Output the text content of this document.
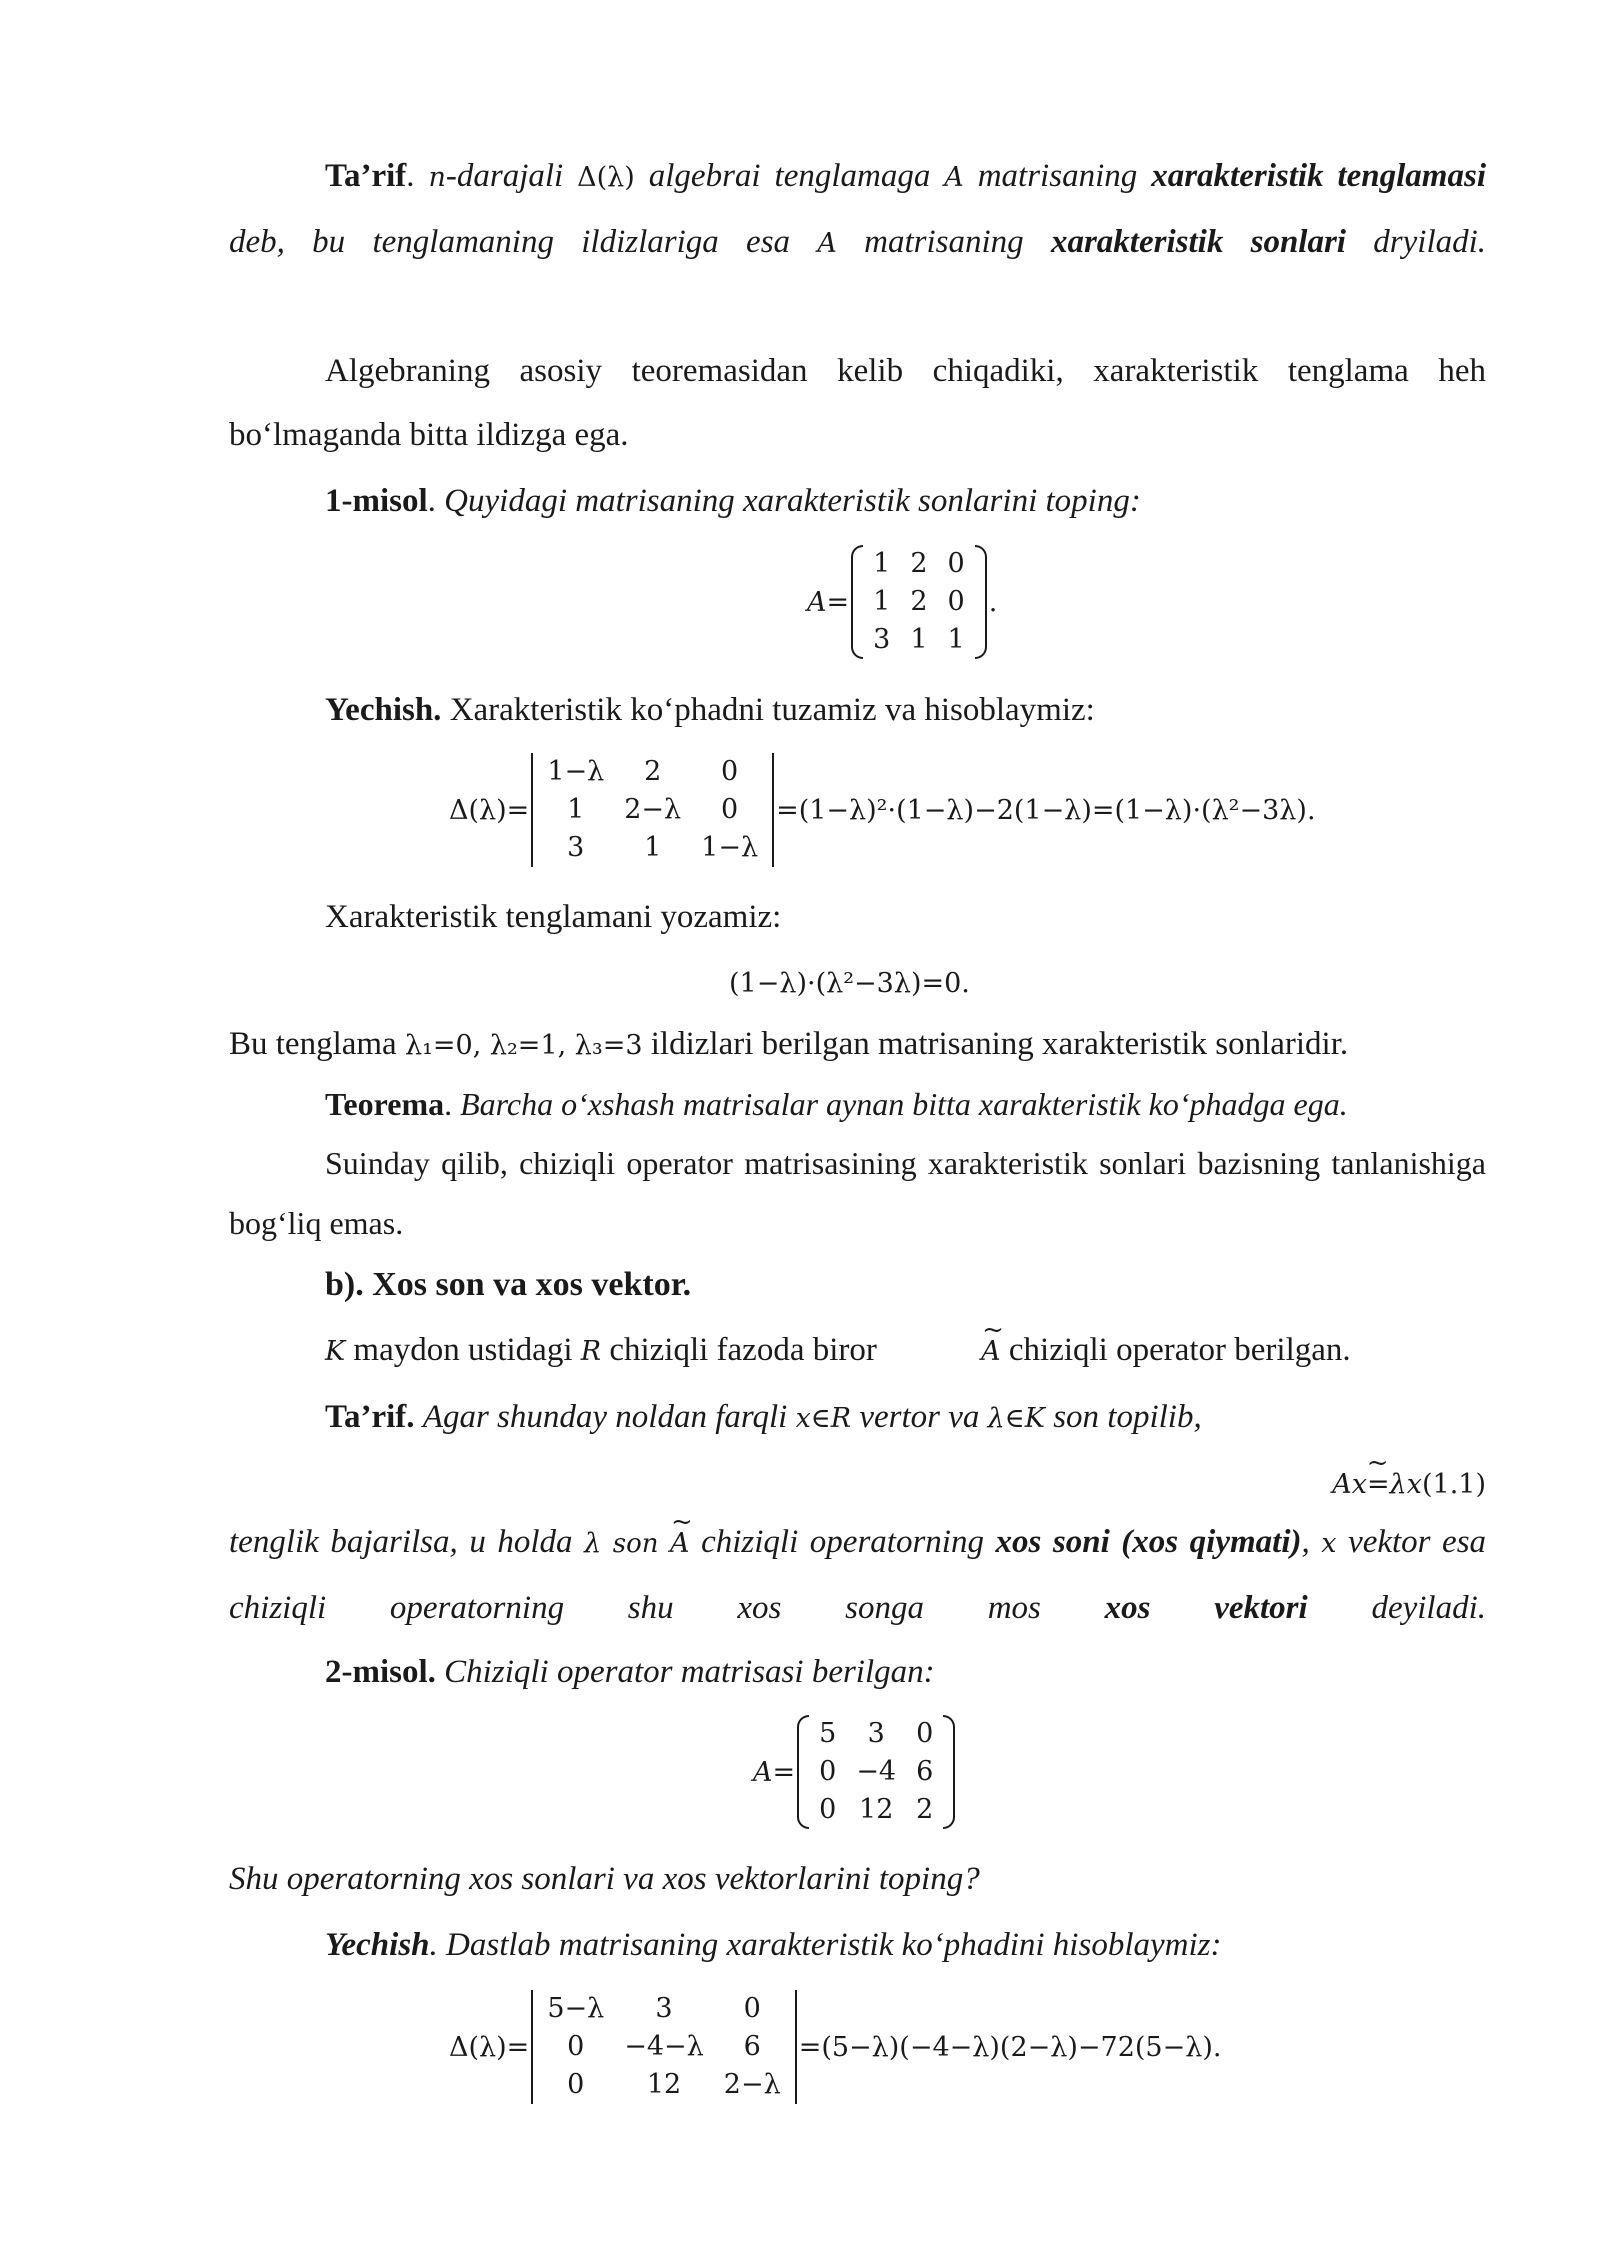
Ta’rif. n-darajali Δ(λ) algebrai tenglamaga A matrisaning xarakteristik tenglamasi deb, bu tenglamaning ildizlariga esa A matrisaning xarakteristik sonlari dryiladi.

Algebraning asosiy teoremasidan kelib chiqadiki, xarakteristik tenglama heh bo‘lmaganda bitta ildizga ega.

1-misol. Quyidagi matrisaning xarakteristik sonlarini toping:

A=
1	2	0
1	2	0
3	1	1
.

Yechish. Xarakteristik ko‘phadni tuzamiz va hisoblaymiz:

Δ(λ)=
1−λ	2	0
1	2−λ	0
3	1	1−λ
=(1−λ)²·(1−λ)−2(1−λ)=(1−λ)·(λ²−3λ).

Xarakteristik tenglamani yozamiz:

(1−λ)·(λ²−3λ)=0.

Bu tenglama λ₁=0, λ₂=1, λ₃=3 ildizlari berilgan matrisaning xarakteristik sonlaridir.

Teorema. Barcha o‘xshash matrisalar aynan bitta xarakteristik ko‘phadga ega.

Suinday qilib, chiziqli operator matrisasining xarakteristik sonlari bazisning tanlanishiga bog‘liq emas.

b). Xos son va xos vektor.

K maydon ustidagi R chiziqli fazoda biror	~ A chiziqli operator berilgan.

Ta’rif. Agar shunday noldan farqli x∈R vertor va λ∈K son topilib,

~ Ax=λx(1.1)

tenglik bajarilsa, u holda λ son ~ A chiziqli operatorning xos soni (xos qiymati), x vektor esa chiziqli operatorning shu xos songa mos xos vektori deyiladi.

2-misol. Chiziqli operator matrisasi berilgan:

A=
5	3	0
0	−4	6
0	12	2

Shu operatorning xos sonlari va xos vektorlarini toping?

Yechish. Dastlab matrisaning xarakteristik ko‘phadini hisoblaymiz:

Δ(λ)=
5−λ	3	0
0	−4−λ	6
0	12	2−λ
=(5−λ)(−4−λ)(2−λ)−72(5−λ).
